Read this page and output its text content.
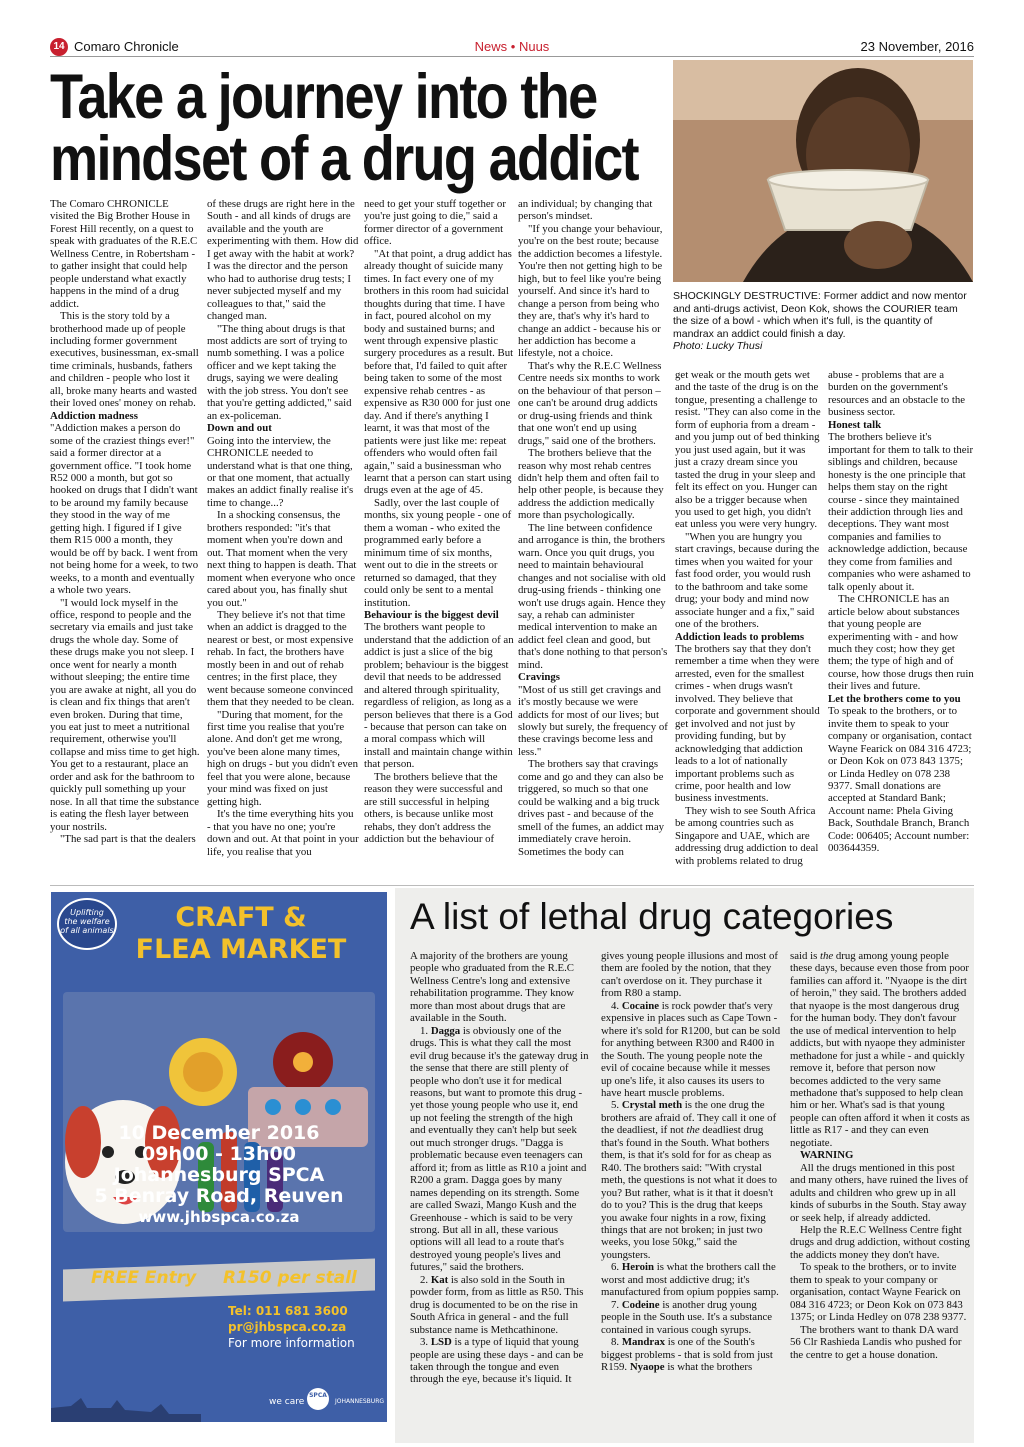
14 Comaro Chronicle	News • Nuus	23 November, 2016
Take a journey into the
mindset of a drug addict

SHOCKINGLY DESTRUCTIVE: Former addict and now mentor and anti-drugs activist, Deon Kok, shows the COURIER team the size of a bowl - which when it's full, is the quantity of mandrax an addict could finish a day.
Photo: Lucky Thusi

The Comaro CHRONICLE visited the Big Brother House in Forest Hill recently, on a quest to speak with graduates of the R.E.C Wellness Centre, in Robertsham - to gather insight that could help people understand what exactly happens in the mind of a drug addict.

This is the story told by a brotherhood made up of people including former government executives, businessman, ex-small time criminals, husbands, fathers and children - people who lost it all, broke many hearts and wasted their loved ones' money on rehab.

Addiction madness

"Addiction makes a person do some of the craziest things ever!" said a former director at a government office. "I took home R52 000 a month, but got so hooked on drugs that I didn't want to be around my family because they stood in the way of me getting high. I figured if I give them R15 000 a month, they would be off by back. I went from not being home for a week, to two weeks, to a month and eventually a whole two years.

"I would lock myself in the office, respond to people and the secretary via emails and just take drugs the whole day. Some of these drugs make you not sleep. I once went for nearly a month without sleeping; the entire time you are awake at night, all you do is clean and fix things that aren't even broken. During that time, you eat just to meet a nutritional requirement, otherwise you'll collapse and miss time to get high. You get to a restaurant, place an order and ask for the bathroom to quickly pull something up your nose. In all that time the substance is eating the flesh layer between your nostrils.

"The sad part is that the dealers

of these drugs are right here in the South - and all kinds of drugs are available and the youth are experimenting with them. How did I get away with the habit at work? I was the director and the person who had to authorise drug tests; I never subjected myself and my colleagues to that," said the changed man.

"The thing about drugs is that most addicts are sort of trying to numb something. I was a police officer and we kept taking the drugs, saying we were dealing with the job stress. You don't see that you're getting addicted," said an ex-policeman.

Down and out

Going into the interview, the CHRONICLE needed to understand what is that one thing, or that one moment, that actually makes an addict finally realise it's time to change...?

In a shocking consensus, the brothers responded: "it's that moment when you're down and out. That moment when the very next thing to happen is death. That moment when everyone who once cared about you, has finally shut you out."

They believe it's not that time when an addict is dragged to the nearest or best, or most expensive rehab. In fact, the brothers have mostly been in and out of rehab centres; in the first place, they went because someone convinced them that they needed to be clean.

"During that moment, for the first time you realise that you're alone. And don't get me wrong, you've been alone many times, high on drugs - but you didn't even feel that you were alone, because your mind was fixed on just getting high.

It's the time everything hits you - that you have no one; you're down and out. At that point in your life, you realise that you

need to get your stuff together or you're just going to die," said a former director of a government office.

"At that point, a drug addict has already thought of suicide many times. In fact every one of my brothers in this room had suicidal thoughts during that time. I have in fact, poured alcohol on my body and sustained burns; and went through expensive plastic surgery procedures as a result. But before that, I'd failed to quit after being taken to some of the most expensive rehab centres - as expensive as R30 000 for just one day. And if there's anything I learnt, it was that most of the patients were just like me: repeat offenders who would often fail again," said a businessman who learnt that a person can start using drugs even at the age of 45.

Sadly, over the last couple of months, six young people - one of them a woman - who exited the programmed early before a minimum time of six months, went out to die in the streets or returned so damaged, that they could only be sent to a mental institution.

Behaviour is the biggest devil

The brothers want people to understand that the addiction of an addict is just a slice of the big problem; behaviour is the biggest devil that needs to be addressed and altered through spirituality, regardless of religion, as long as a person believes that there is a God - because that person can take on a moral compass which will install and maintain change within that person.

The brothers believe that the reason they were successful and are still successful in helping others, is because unlike most rehabs, they don't address the addiction but the behaviour of

an individual; by changing that person's mindset.

"If you change your behaviour, you're on the best route; because the addiction becomes a lifestyle. You're then not getting high to be high, but to feel like you're being yourself. And since it's hard to change a person from being who they are, that's why it's hard to change an addict - because his or her addiction has become a lifestyle, not a choice.

That's why the R.E.C Wellness Centre needs six months to work on the behaviour of that person – one can't be around drug addicts or drug-using friends and think that one won't end up using drugs," said one of the brothers.

The brothers believe that the reason why most rehab centres didn't help them and often fail to help other people, is because they address the addiction medically more than psychologically.

The line between confidence and arrogance is thin, the brothers warn. Once you quit drugs, you need to maintain behavioural changes and not socialise with old drug-using friends - thinking one won't use drugs again. Hence they say, a rehab can administer medical intervention to make an addict feel clean and good, but that's done nothing to that person's mind.

Cravings

"Most of us still get cravings and it's mostly because we were addicts for most of our lives; but slowly but surely, the frequency of these cravings become less and less."

The brothers say that cravings come and go and they can also be triggered, so much so that one could be walking and a big truck drives past - and because of the smell of the fumes, an addict may immediately crave heroin. Sometimes the body can

get weak or the mouth gets wet and the taste of the drug is on the tongue, presenting a challenge to resist. "They can also come in the form of euphoria from a dream - and you jump out of bed thinking you just used again, but it was just a crazy dream since you tasted the drug in your sleep and felt its effect on you. Hunger can also be a trigger because when you used to get high, you didn't eat unless you were very hungry.

"When you are hungry you start cravings, because during the times when you waited for your fast food order, you would rush to the bathroom and take some drug; your body and mind now associate hunger and a fix," said one of the brothers.

Addiction leads to problems

The brothers say that they don't remember a time when they were arrested, even for the smallest crimes - when drugs wasn't involved. They believe that corporate and government should get involved and not just by providing funding, but by acknowledging that addiction leads to a lot of nationally important problems such as crime, poor health and low business investments.

They wish to see South Africa be among countries such as Singapore and UAE, which are addressing drug addiction to deal with problems related to drug

abuse - problems that are a burden on the government's resources and an obstacle to the business sector.

Honest talk

The brothers believe it's important for them to talk to their siblings and children, because honesty is the one principle that helps them stay on the right course - since they maintained their addiction through lies and deceptions. They want most companies and families to acknowledge addiction, because they come from families and companies who were ashamed to talk openly about it.

The CHRONICLE has an article below about substances that young people are experimenting with - and how much they cost; how they get them; the type of high and of course, how those drugs then ruin their lives and future.

Let the brothers come to you

To speak to the brothers, or to invite them to speak to your company or organisation, contact Wayne Fearick on 084 316 4723; or Deon Kok on 073 843 1375; or Linda Hedley on 078 238 9377. Small donations are accepted at Standard Bank; Account name: Phela Giving Back, Southdale Branch, Branch Code: 006405; Account number: 003644359.

Uplifting
the welfare
of all animals	CRAFT &
FLEA MARKET
FREE Entry R150 per stall
Tel: 011 681 3600
pr@jhbspca.co.za
For more information
we care
SPCA
JOHANNESBURG
10 December 2016
09h00 - 13h00
Johannesburg SPCA
5 Benray Road, Reuven
www.jhbspca.co.za
A list of lethal drug categories

A majority of the brothers are young people who graduated from the R.E.C Wellness Centre's long and extensive rehabilitation programme. They know more than most about drugs that are available in the South.

1. Dagga is obviously one of the drugs. This is what they call the most evil drug because it's the gateway drug in the sense that there are still plenty of people who don't use it for medical reasons, but want to promote this drug - yet those young people who use it, end up not feeling the strength of the high and eventually they can't help but seek out much stronger drugs. "Dagga is problematic because even teenagers can afford it; from as little as R10 a joint and R200 a gram. Dagga goes by many names depending on its strength. Some are called Swazi, Mango Kush and the Greenhouse - which is said to be very strong. But all in all, these various options will all lead to a route that's destroyed young people's lives and futures," said the brothers.

2. Kat is also sold in the South in powder form, from as little as R50. This drug is documented to be on the rise in South Africa in general - and the full substance name is Methcathinone.

3. LSD is a type of liquid that young people are using these days - and can be taken through the tongue and even through the eye, because it's liquid. It

gives young people illusions and most of them are fooled by the notion, that they can't overdose on it. They purchase it from R80 a stamp.

4. Cocaine is rock powder that's very expensive in places such as Cape Town - where it's sold for R1200, but can be sold for anything between R300 and R400 in the South. The young people note the evil of cocaine because while it messes up one's life, it also causes its users to have heart muscle problems.

5. Crystal meth is the one drug the brothers are afraid of. They call it one of the deadliest, if not the deadliest drug that's found in the South. What bothers them, is that it's sold for for as cheap as R40. The brothers said: "With crystal meth, the questions is not what it does to you? But rather, what is it that it doesn't do to you? This is the drug that keeps you awake four nights in a row, fixing things that are not broken; in just two weeks, you lose 50kg," said the youngsters.

6. Heroin is what the brothers call the worst and most addictive drug; it's manufactured from opium poppies samp.

7. Codeine is another drug young people in the South use. It's a substance contained in various cough syrups.

8. Mandrax is one of the South's biggest problems - that is sold from just R159. Nyaope is what the brothers

said is the drug among young people these days, because even those from poor families can afford it. "Nyaope is the dirt of heroin," they said. The brothers added that nyaope is the most dangerous drug for the human body. They don't favour the use of medical intervention to help addicts, but with nyaope they administer methadone for just a while - and quickly remove it, before that person now becomes addicted to the very same methadone that's supposed to help clean him or her. What's sad is that young people can often afford it when it costs as little as R17 - and they can even negotiate.

WARNING

All the drugs mentioned in this post and many others, have ruined the lives of adults and children who grew up in all kinds of suburbs in the South. Stay away or seek help, if already addicted.

Help the R.E.C Wellness Centre fight drugs and drug addiction, without costing the addicts money they don't have.

To speak to the brothers, or to invite them to speak to your company or organisation, contact Wayne Fearick on 084 316 4723; or Deon Kok on 073 843 1375; or Linda Hedley on 078 238 9377.

The brothers want to thank DA ward 56 Clr Rashieda Landis who pushed for the centre to get a house donation.
